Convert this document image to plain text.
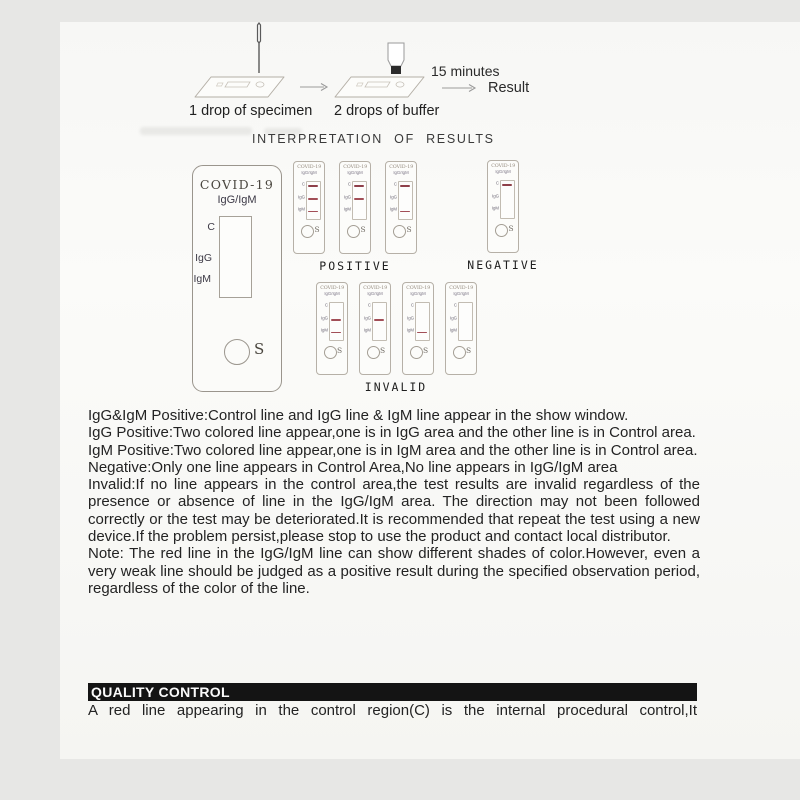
1 drop of specimen 2 drops of buffer
15 minutes
Result
INTERPRETATION OF RESULTS
COVID-19
IgG/IgM
C
IgG
IgM
S
COVID-19
IgG/IgM
C
IgG
IgM
S
COVID-19
IgG/IgM
C
IgG
IgM
S
COVID-19
IgG/IgM
C
IgG
IgM
S
POSITIVE
COVID-19
IgG/IgM
C
IgG
IgM
S
NEGATIVE
COVID-19
IgG/IgM
C
IgG
IgM
S
COVID-19
IgG/IgM
C
IgG
IgM
S
COVID-19
IgG/IgM
C
IgG
IgM
S
COVID-19
IgG/IgM
C
IgG
IgM
S
INVALID

IgG&IgM Positive:Control line and IgG line & IgM line appear in the show window.

IgG Positive:Two colored line appear,one is in IgG area and the other line is in Control area.

IgM Positive:Two colored line appear,one is in IgM area and the other line is in Control area.

Negative:Only one line appears in Control Area,No line appears in IgG/IgM area

Invalid:If no line appears in the control area,the test results are invalid regardless of the presence or absence of line in the IgG/IgM area. The direction may not been followed correctly or the test may be deteriorated.It is recommended that repeat the test using a new device.If the problem persist,please stop to use the product and contact local distributor.

Note: The red line in the IgG/IgM line can show different shades of color.However, even a very weak line should be judged as a positive result during the specified observation period, regardless of the color of the line.

QUALITY CONTROL
A red line appearing in the control region(C) is the internal procedural control,It
